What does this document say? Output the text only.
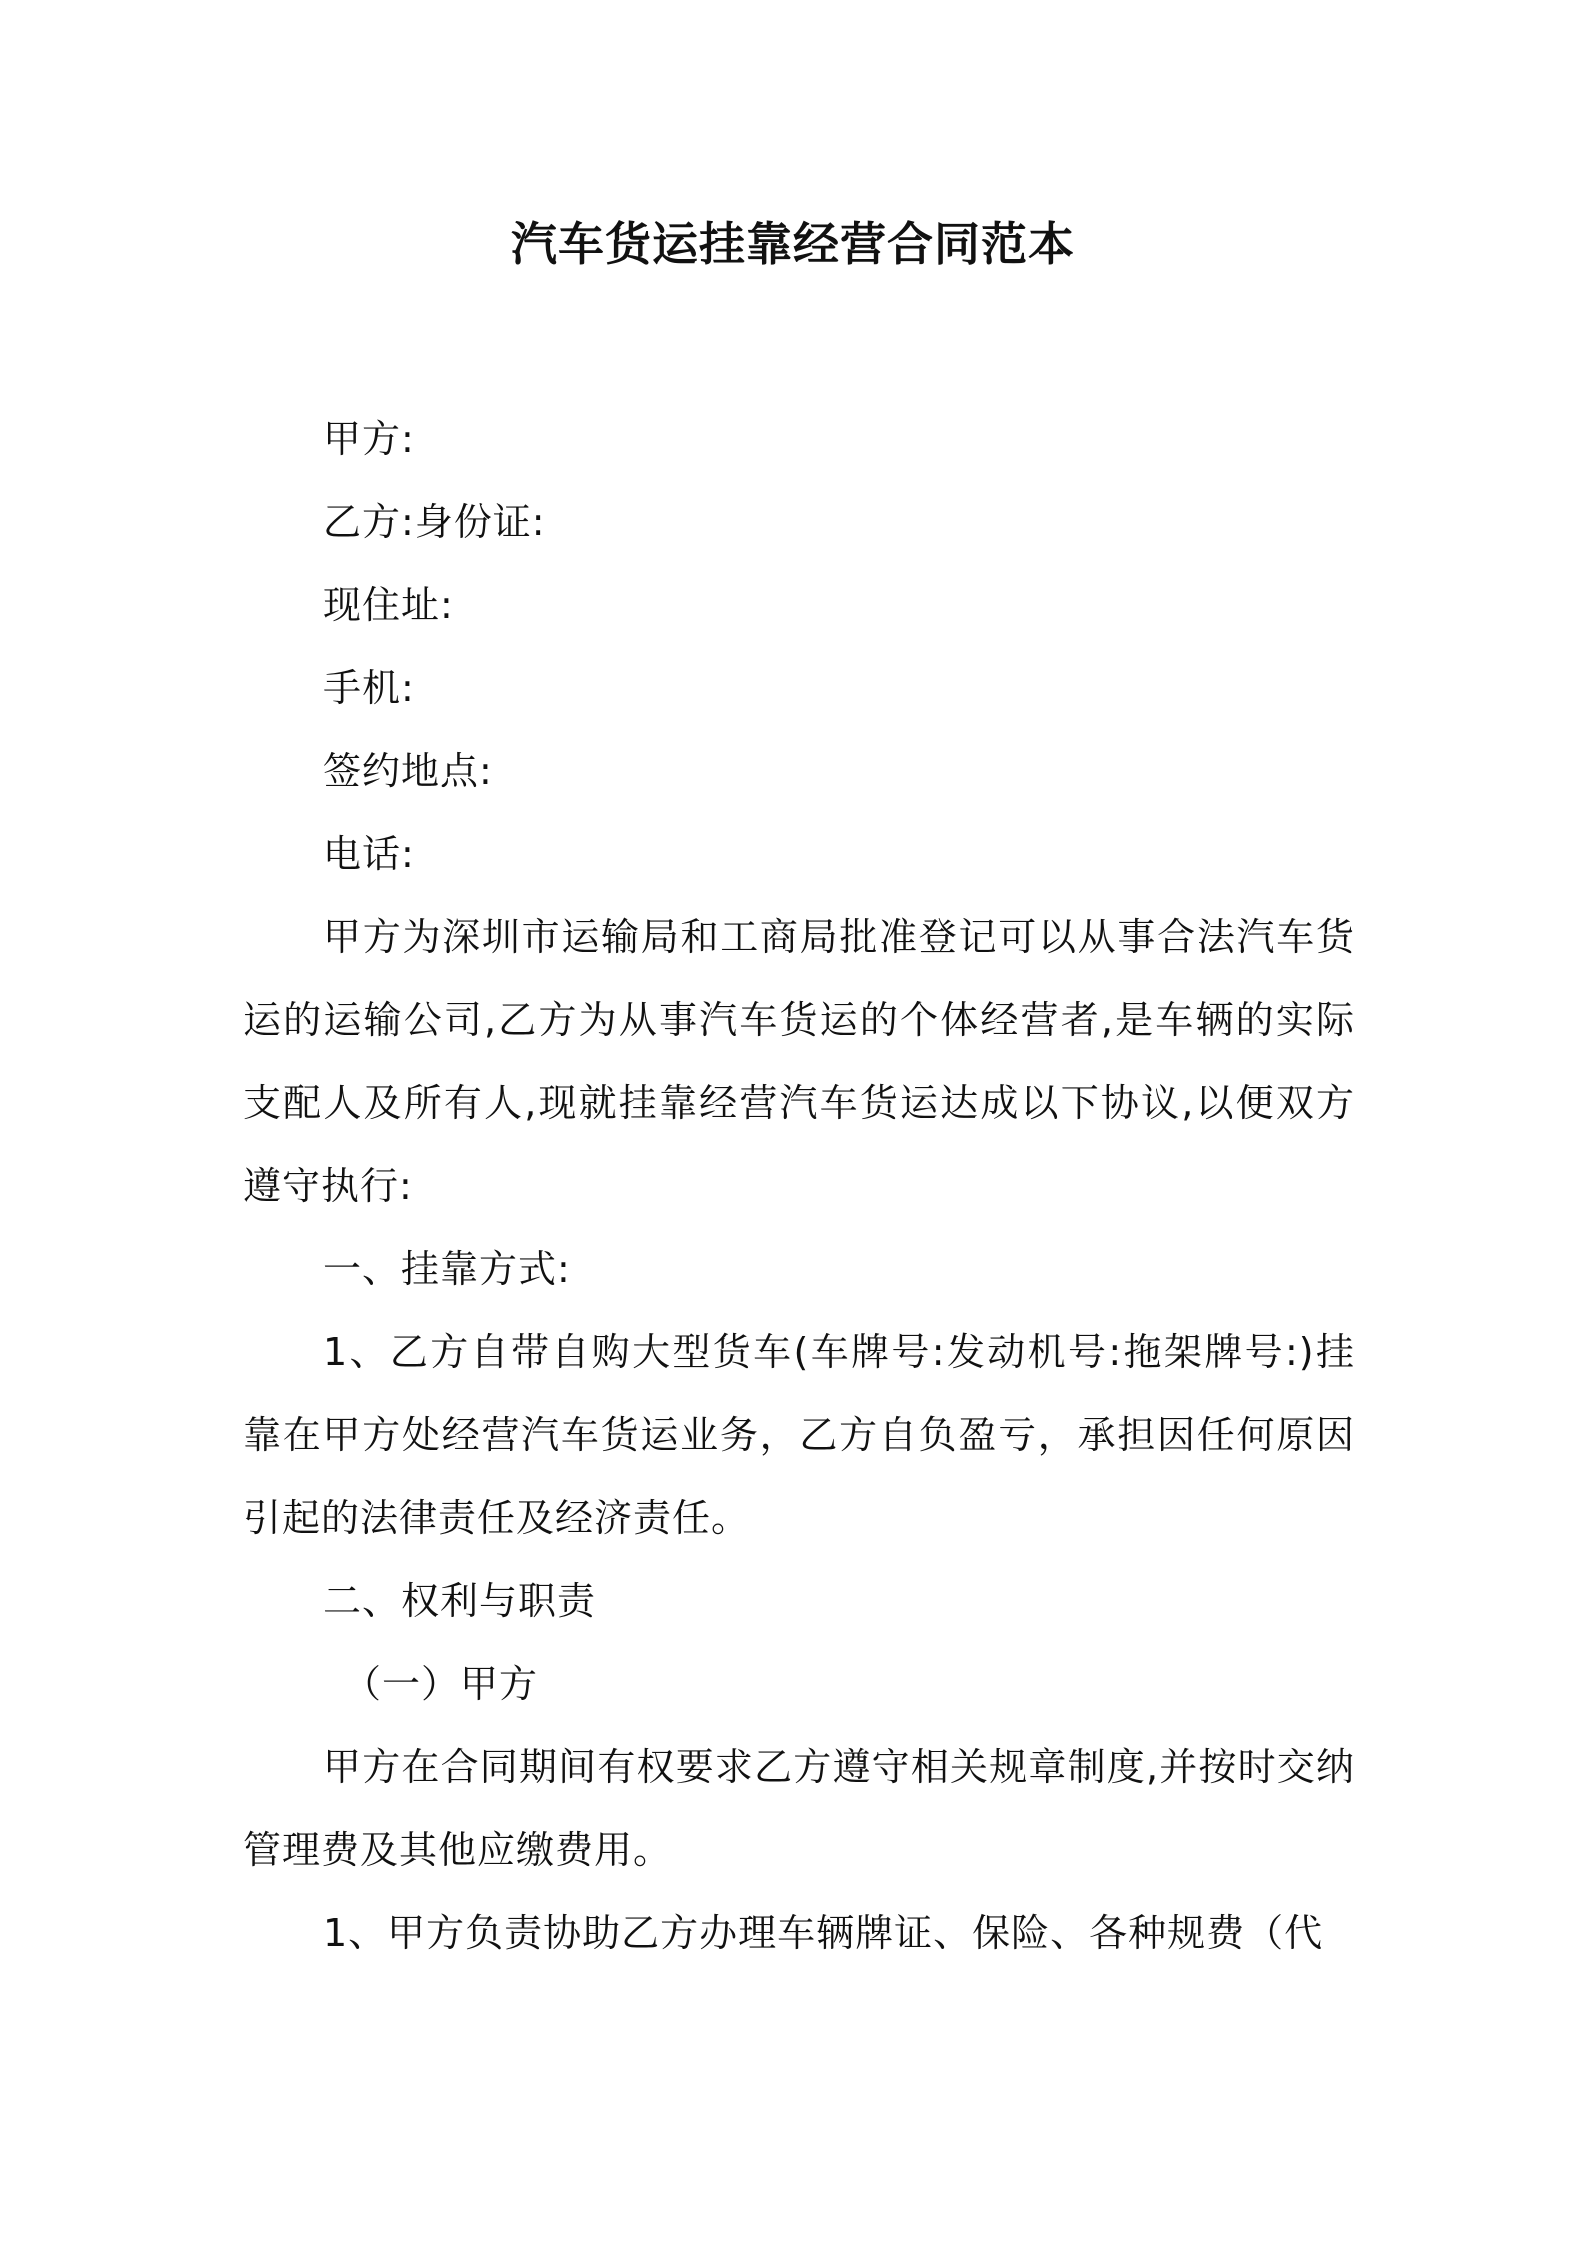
汽车货运挂靠经营合同范本

甲方:

乙方:身份证:

现住址:

手机:

签约地点:

电话:

甲方为深圳市运输局和工商局批准登记可以从事合法汽车货运的运输公司,乙方为从事汽车货运的个体经营者,是车辆的实际支配人及所有人,现就挂靠经营汽车货运达成以下协议,以便双方遵守执行:

一、挂靠方式:

1、乙方自带自购大型货车(车牌号:发动机号:拖架牌号:)挂靠在甲方处经营汽车货运业务，乙方自负盈亏，承担因任何原因引起的法律责任及经济责任。

二、权利与职责

（一）甲方

甲方在合同期间有权要求乙方遵守相关规章制度,并按时交纳管理费及其他应缴费用。

1、甲方负责协助乙方办理车辆牌证、保险、各种规费（代
